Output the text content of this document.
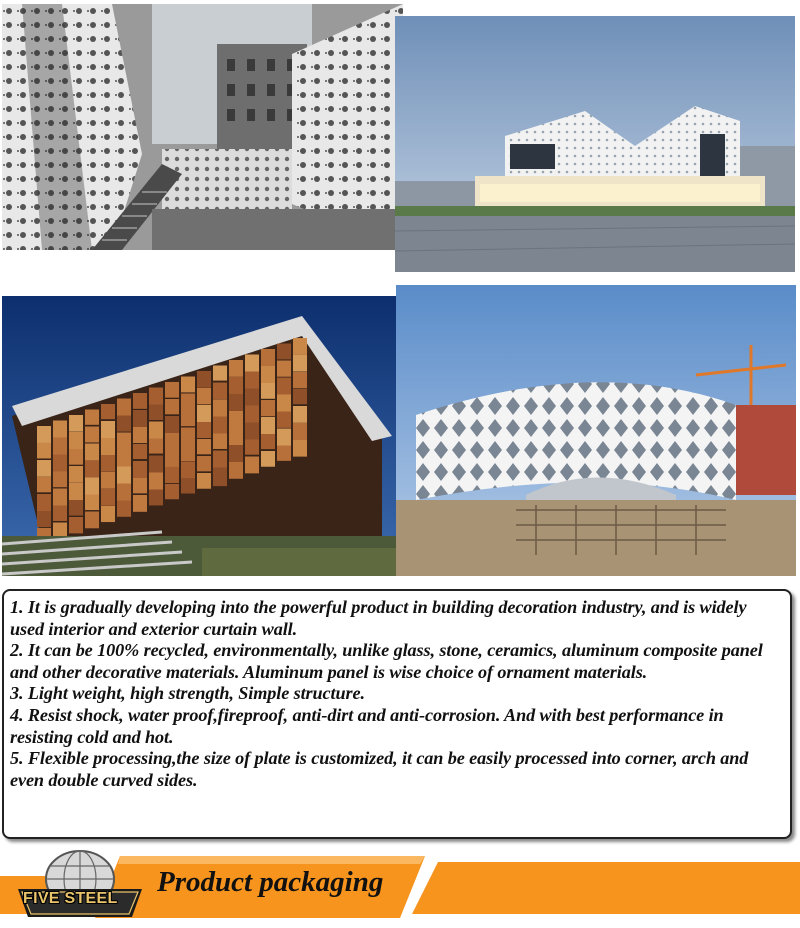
1. It is gradually developing into the powerful product in building decoration industry, and is widely used interior and exterior curtain wall.

2. It can be 100% recycled, environmentally, unlike glass, stone, ceramics, aluminum composite panel and other decorative materials. Aluminum panel is wise choice of ornament materials.

3. Light weight, high strength, Simple structure.

4. Resist shock, water proof,fireproof, anti-dirt and anti-corrosion. And with best performance in resisting cold and hot.

5. Flexible processing,the size of plate is customized, it can be easily processed into corner, arch and even double curved sides.

FIVE STEEL
Product packaging
